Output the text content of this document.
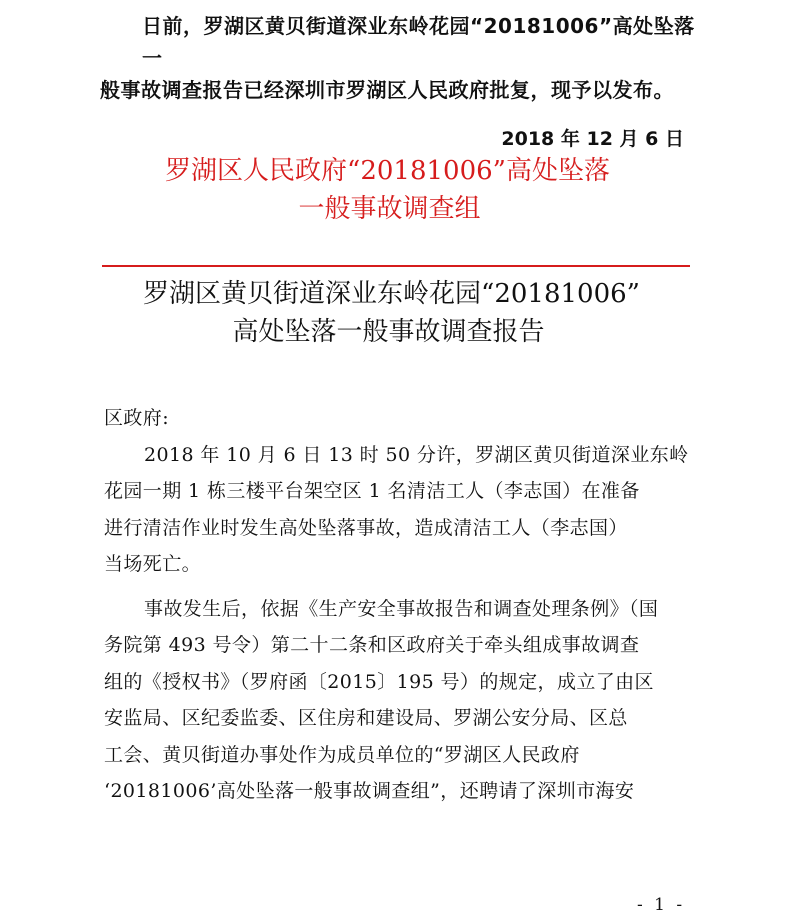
日前，罗湖区黄贝街道深业东岭花园“20181006”高处坠落一
般事故调查报告已经深圳市罗湖区人民政府批复，现予以发布。
2018 年 12 月 6 日
罗湖区人民政府“20181006”高处坠落
一般事故调查组
罗湖区黄贝街道深业东岭花园“20181006”
高处坠落一般事故调查报告
区政府:
2018 年 10 月 6 日 13 时 50 分许，罗湖区黄贝街道深业东岭
花园一期 1 栋三楼平台架空区 1 名清洁工人（李志国）在准备
进行清洁作业时发生高处坠落事故，造成清洁工人（李志国）
当场死亡。
事故发生后，依据《生产安全事故报告和调查处理条例》（国
务院第 493 号令）第二十二条和区政府关于牵头组成事故调查
组的《授权书》（罗府函〔2015〕195 号）的规定，成立了由区
安监局、区纪委监委、区住房和建设局、罗湖公安分局、区总
工会、黄贝街道办事处作为成员单位的“罗湖区人民政府
‘20181006’高处坠落一般事故调查组”，还聘请了深圳市海安
- 1 -
